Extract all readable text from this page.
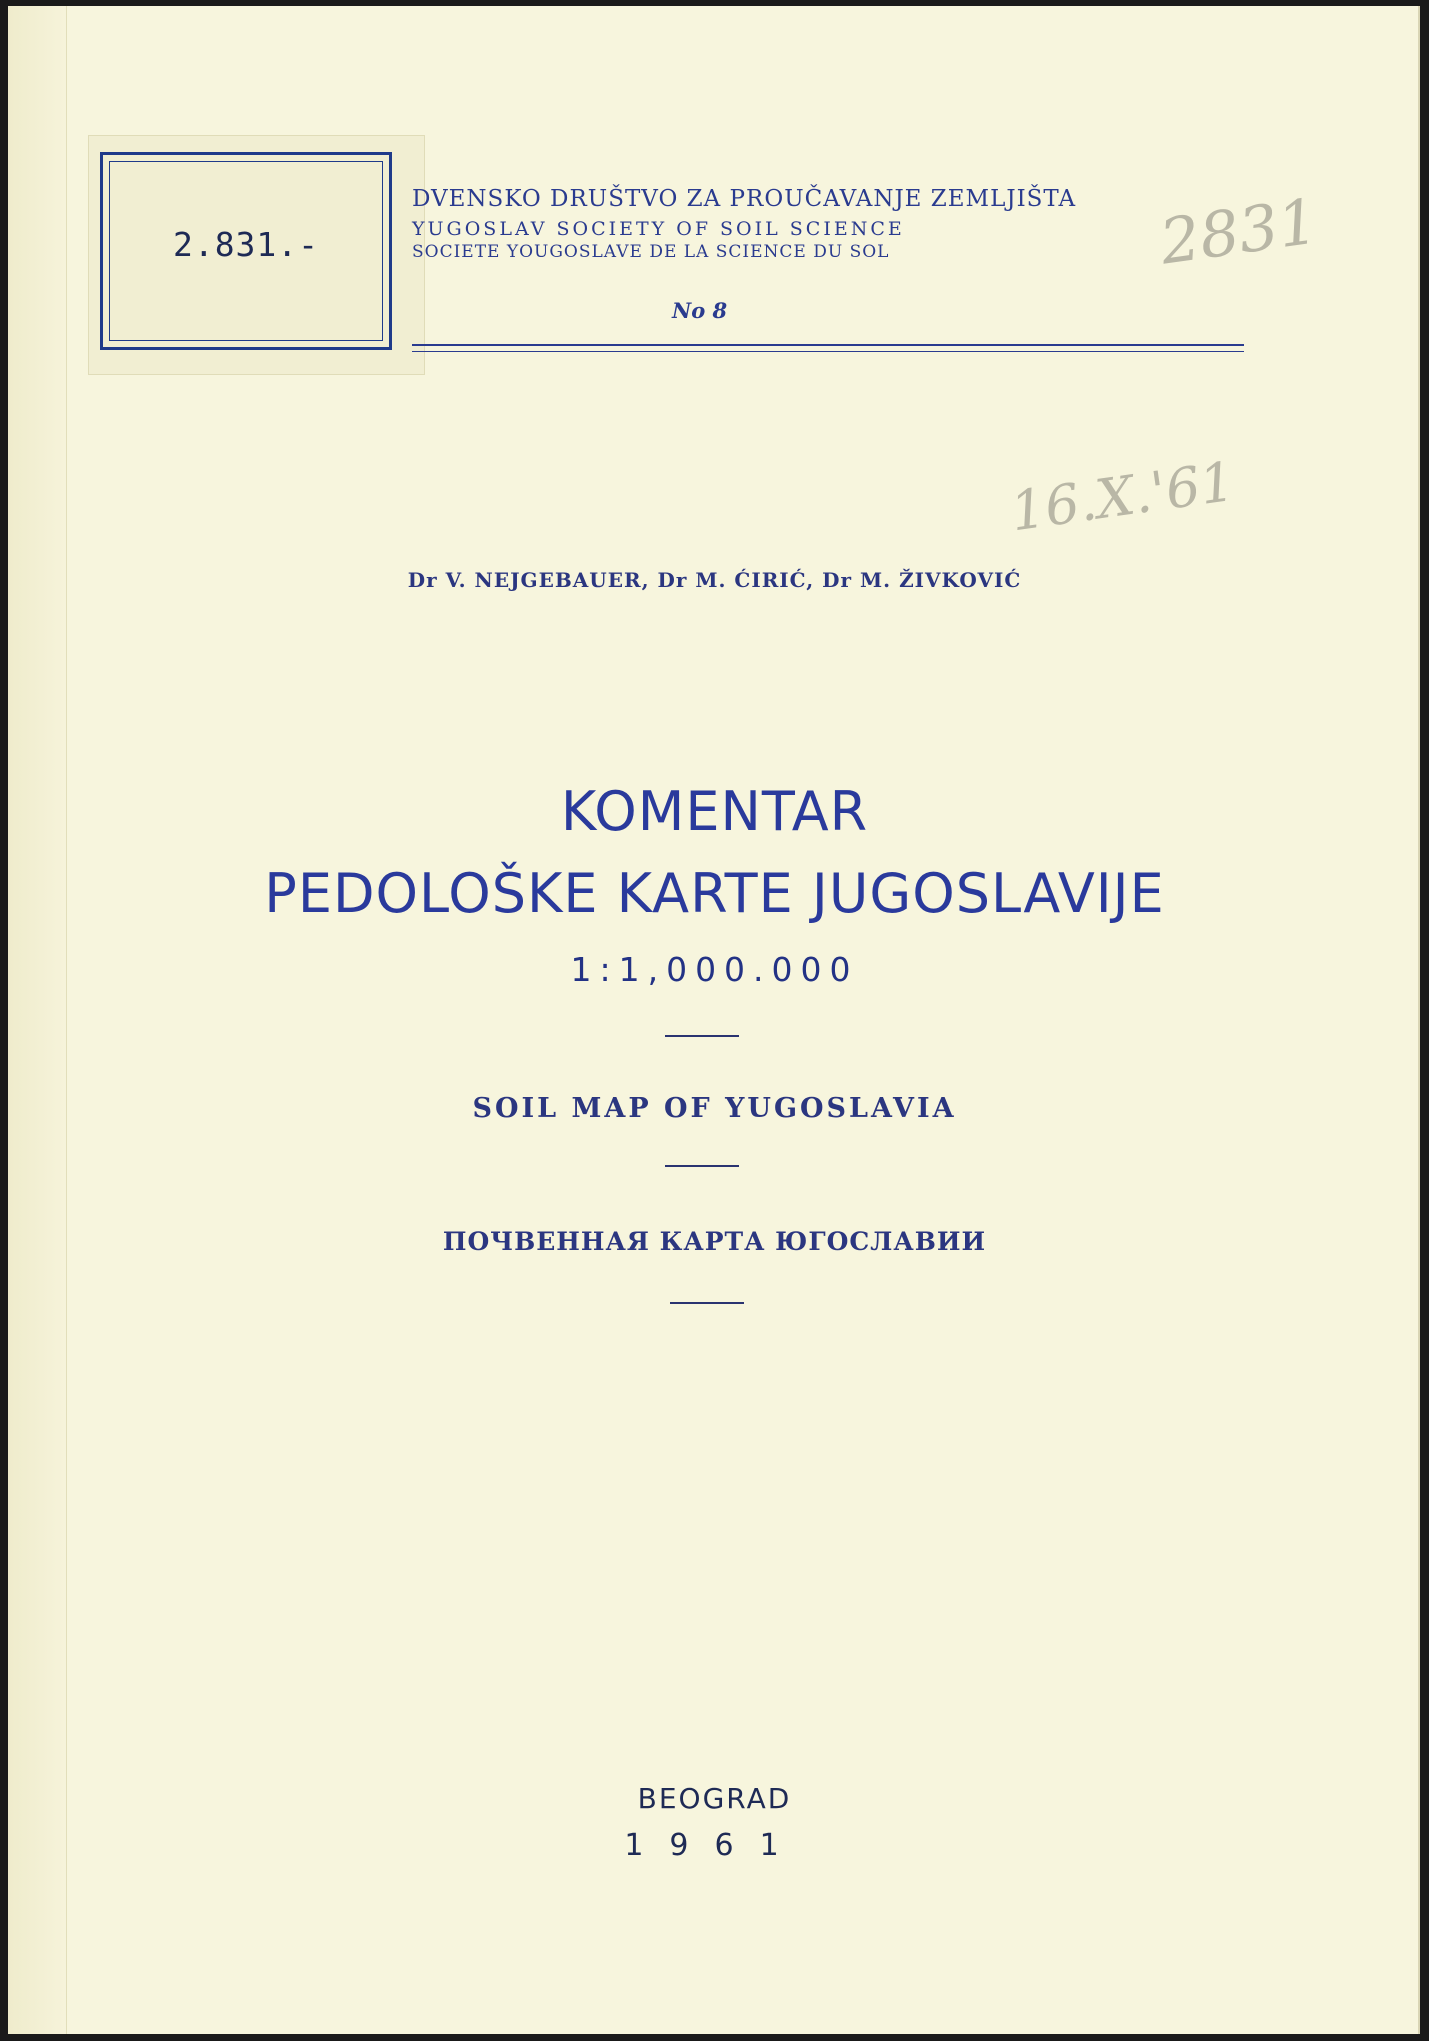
2.831.-
DVENSKO DRUŠTVO ZA PROUČAVANJE ZEMLJIŠTA
YUGOSLAV SOCIETY OF SOIL SCIENCE
SOCIETE YOUGOSLAVE DE LA SCIENCE DU SOL
No 8
2831
16.X.'61
Dr V. NEJGEBAUER, Dr M. ĆIRIĆ, Dr M. ŽIVKOVIĆ
KOMENTAR
PEDOLOŠKE KARTE JUGOSLAVIJE
1:1,000.000
SOIL MAP OF YUGOSLAVIA
ПОЧВЕННАЯ КАРТА ЮГОСЛАВИИ
BEOGRAD
1961
